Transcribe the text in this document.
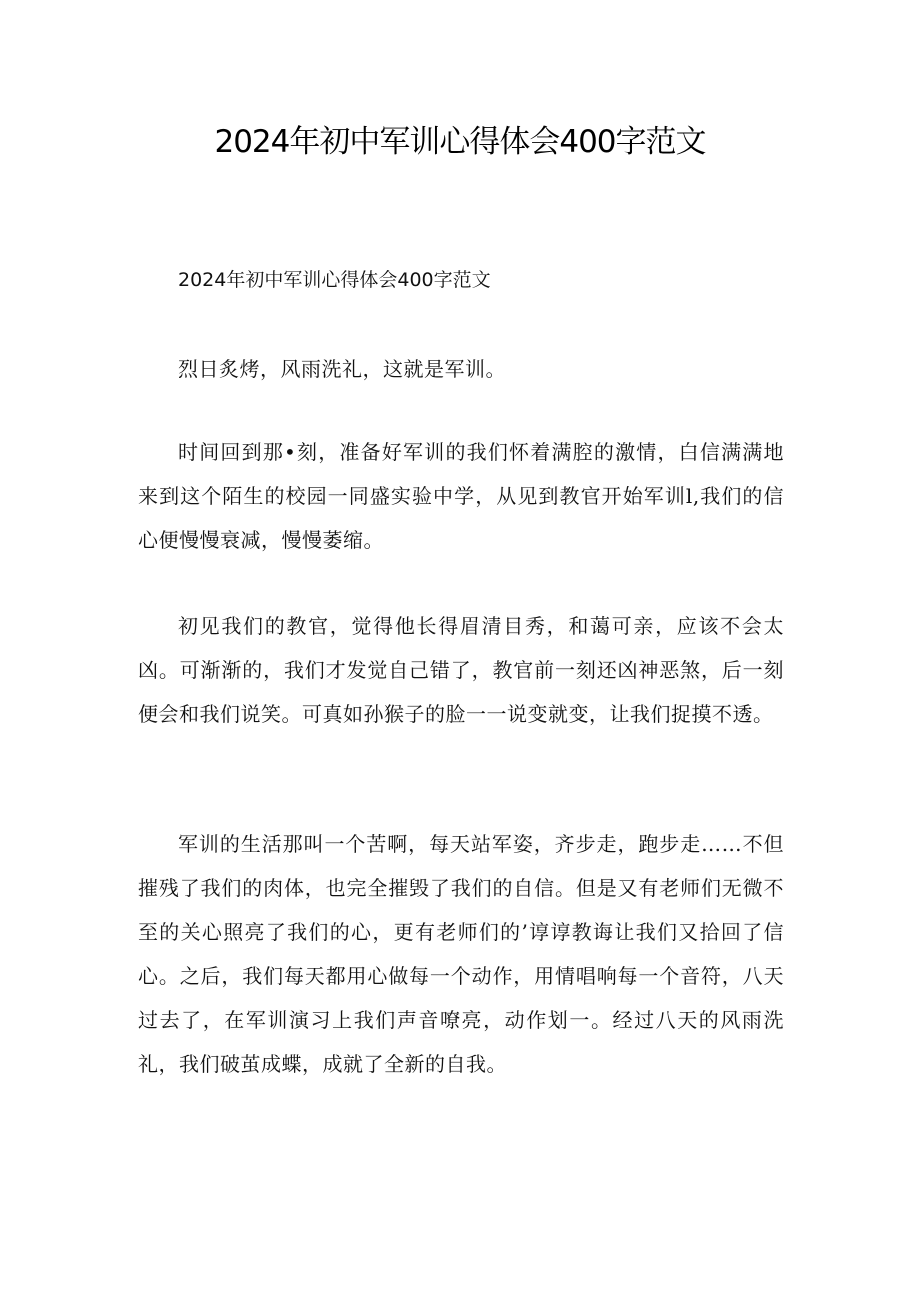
2024年初中军训心得体会400字范文

2024年初中军训心得体会400字范文

烈日炙烤，风雨洗礼，这就是军训。

时间回到那•刻，准备好军训的我们怀着满腔的激情，白信满满地来到这个陌生的校园一同盛实验中学，从见到教官开始军训l,我们的信心便慢慢衰减，慢慢萎缩。

初见我们的教官，觉得他长得眉清目秀，和蔼可亲，应该不会太凶。可渐渐的，我们才发觉自己错了，教官前一刻还凶神恶煞，后一刻便会和我们说笑。可真如孙猴子的脸一一说变就变，让我们捉摸不透。

军训的生活那叫一个苦啊，每天站军姿，齐步走，跑步走……不但摧残了我们的肉体，也完全摧毁了我们的自信。但是又有老师们无微不至的关心照亮了我们的心，更有老师们的’谆谆教诲让我们又拾回了信心。之后，我们每天都用心做每一个动作，用情唱响每一个音符，八天过去了，在军训演习上我们声音嘹亮，动作划一。经过八天的风雨洗礼，我们破茧成蝶，成就了全新的自我。
